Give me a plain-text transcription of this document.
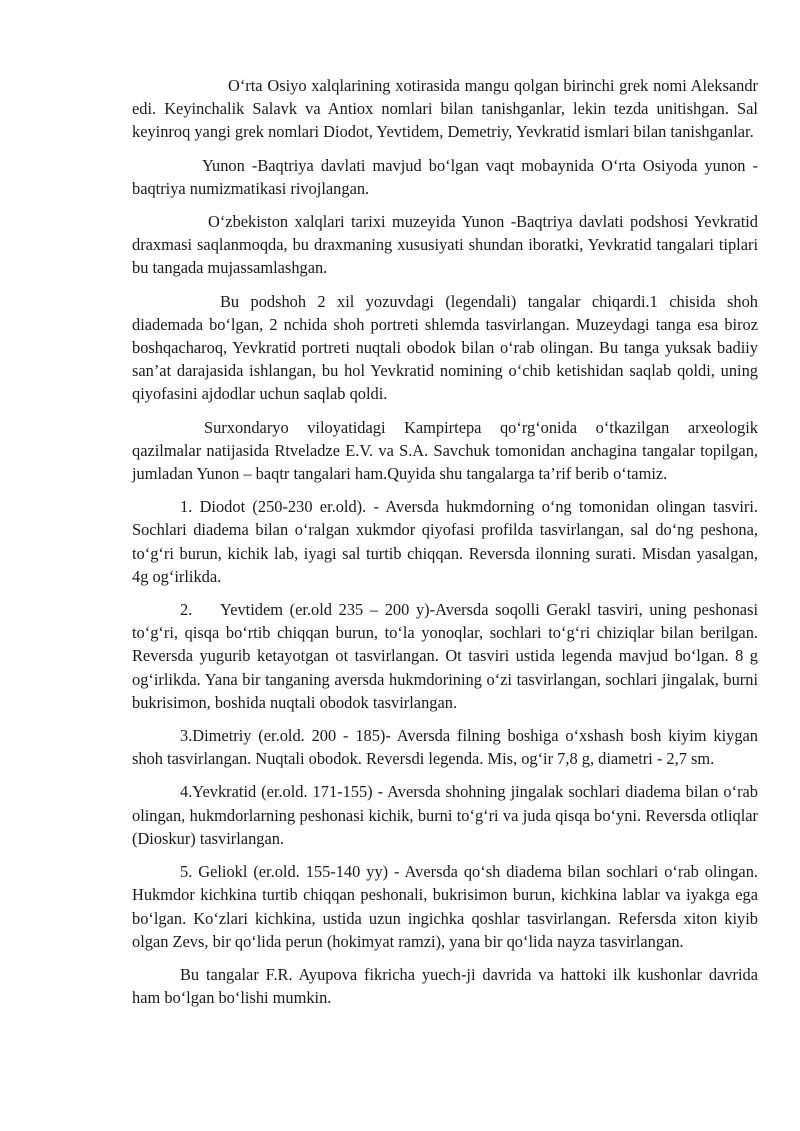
O‘rta Osiyo xalqlarining xotirasida mangu qolgan birinchi grek nomi Aleksandr edi. Keyinchalik Salavk va Antiox nomlari bilan tanishganlar, lekin tezda unitishgan. Sal keyinroq yangi grek nomlari Diodot, Yevtidem, Demetriy, Yevkratid ismlari bilan tanishganlar.

Yunon -Baqtriya davlati mavjud bo‘lgan vaqt mobaynida O‘rta Osiyoda yunon -baqtriya numizmatikasi rivojlangan.

O‘zbekiston xalqlari tarixi muzeyida Yunon -Baqtriya davlati podshosi Yevkratid draxmasi saqlanmoqda, bu draxmaning xususiyati shundan iboratki, Yevkratid tangalari tiplari bu tangada mujassamlashgan.

Bu podshoh 2 xil yozuvdagi (legendali) tangalar chiqardi.1 chisida shoh diademada bo‘lgan, 2 nchida shoh portreti shlemda tasvirlangan. Muzeydagi tanga esa biroz boshqacharoq, Yevkratid portreti nuqtali obodok bilan o‘rab olingan. Bu tanga yuksak badiiy san’at darajasida ishlangan, bu hol Yevkratid nomining o‘chib ketishidan saqlab qoldi, uning qiyofasini ajdodlar uchun saqlab qoldi.

Surxondaryo viloyatidagi Kampirtepa qo‘rg‘onida o‘tkazilgan arxeologik qazilmalar natijasida Rtveladze E.V. va S.A. Savchuk tomonidan anchagina tangalar topilgan, jumladan Yunon – baqtr tangalari ham.Quyida shu tangalarga ta’rif berib o‘tamiz.

1. Diodot (250-230 er.old). - Aversda hukmdorning o‘ng tomonidan olingan tasviri. Sochlari diadema bilan o‘ralgan xukmdor qiyofasi profilda tasvirlangan, sal do‘ng peshona, to‘g‘ri burun, kichik lab, iyagi sal turtib chiqqan. Reversda ilonning surati. Misdan yasalgan, 4g og‘irlikda.

2. Yevtidem (er.old 235 – 200 y)-Aversda soqolli Gerakl tasviri, uning peshonasi to‘g‘ri, qisqa bo‘rtib chiqqan burun, to‘la yonoqlar, sochlari to‘g‘ri chiziqlar bilan berilgan. Reversda yugurib ketayotgan ot tasvirlangan. Ot tasviri ustida legenda mavjud bo‘lgan. 8 g og‘irlikda. Yana bir tanganing aversda hukmdorining o‘zi tasvirlangan, sochlari jingalak, burni bukrisimon, boshida nuqtali obodok tasvirlangan.

3.Dimetriy (er.old. 200 - 185)- Aversda filning boshiga o‘xshash bosh kiyim kiygan shoh tasvirlangan. Nuqtali obodok. Reversdi legenda. Mis, og‘ir 7,8 g, diametri - 2,7 sm.

4.Yevkratid (er.old. 171-155) - Aversda shohning jingalak sochlari diadema bilan o‘rab olingan, hukmdorlarning peshonasi kichik, burni to‘g‘ri va juda qisqa bo‘yni. Reversda otliqlar (Dioskur) tasvirlangan.

5. Geliokl (er.old. 155-140 yy) - Aversda qo‘sh diadema bilan sochlari o‘rab olingan. Hukmdor kichkina turtib chiqqan peshonali, bukrisimon burun, kichkina lablar va iyakga ega bo‘lgan. Ko‘zlari kichkina, ustida uzun ingichka qoshlar tasvirlangan. Refersda xiton kiyib olgan Zevs, bir qo‘lida perun (hokimyat ramzi), yana bir qo‘lida nayza tasvirlangan.

Bu tangalar F.R. Ayupova fikricha yuech-ji davrida va hattoki ilk kushonlar davrida ham bo‘lgan bo‘lishi mumkin.
